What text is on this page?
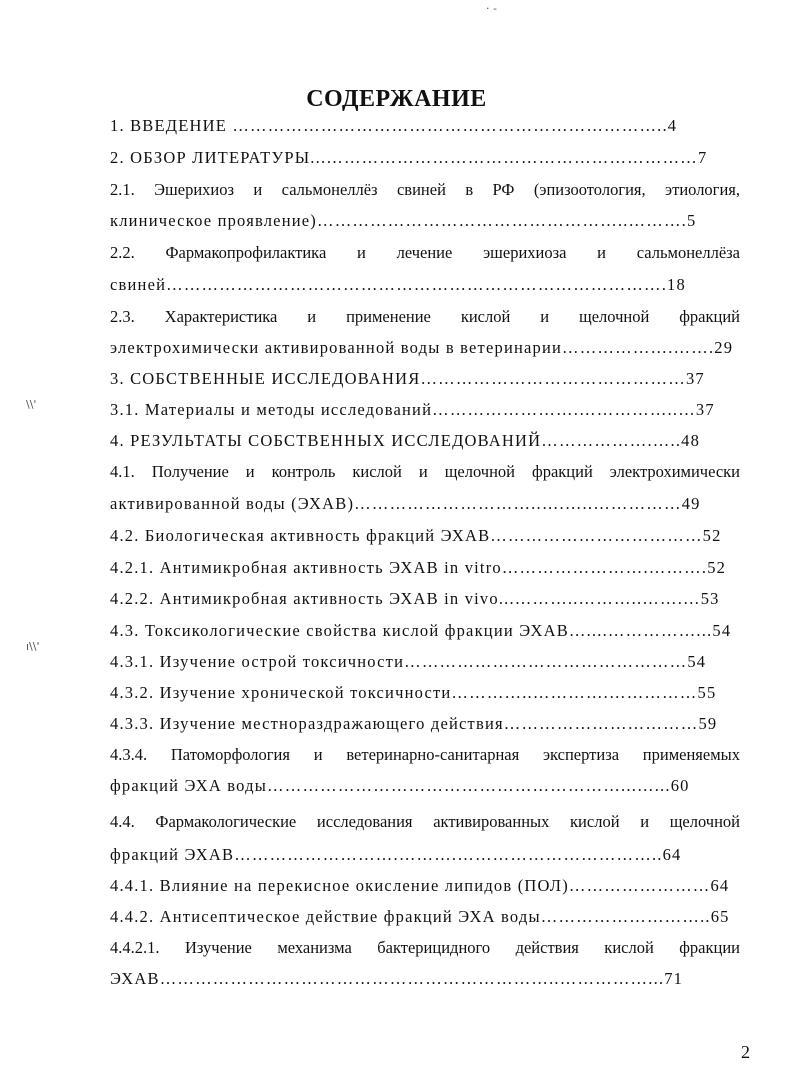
· -
\\'
ı\\'
СОДЕРЖАНИЕ
1. ВВЕДЕНИЕ ………………………………………………………………..4
2. ОБЗОР ЛИТЕРАТУРЫ...………………………………………………………7
2.1. Эшерихиоз и сальмонеллёз свиней в РФ (эпизоотология, этиология,
клиническое проявление)……………………………………………..……….5
2.2. Фармакопрофилактика и лечение эшерихиоза и сальмонеллёза
свиней………………………………………………………………………….18
2.3. Характеристика и применение кислой и щелочной фракций
электрохимически активированной воды в ветеринарии……………….…….29
3. СОБСТВЕННЫЕ ИССЛЕДОВАНИЯ………………………………………37
3.1. Материалы и методы исследований…………………….……………..…37
4. РЕЗУЛЬТАТЫ СОБСТВЕННЫХ ИССЛЕДОВАНИЙ……………….…..48
4.1. Получение и контроль кислой и щелочной фракций электрохимически
активированной воды (ЭХАВ)…………………………..….…..……………49
4.2. Биологическая активность фракций ЭХАВ………………………………52
4.2.1. Антимикробная активность ЭХАВ in vitro…………………….……….52
4.2.2. Антимикробная активность ЭХАВ in vivo...………..………..…….…53
4.3. Токсикологические свойства кислой фракции ЭХАВ…....……………...54
4.3.1. Изучение острой токсичности…………………………………………54
4.3.2. Изучение хронической токсичности…………..………….……………55
4.3.3. Изучение местнораздражающего действия……………………………59
4.3.4. Патоморфология и ветеринарно-санитарная экспертиза применяемых
фракций ЭХА воды……………………………………………………...…...60
4.4. Фармакологические исследования активированных кислой и щелочной
фракций ЭХАВ……………………….……….……………………………..64
4.4.1. Влияние на перекисное окисление липидов (ПОЛ)……………………64
4.4.2. Антисептическое действие фракций ЭХА воды………………………..65
4.4.2.1. Изучение механизма бактерицидного действия кислой фракции
ЭХАВ…………………………………………………………..……………...71
2
